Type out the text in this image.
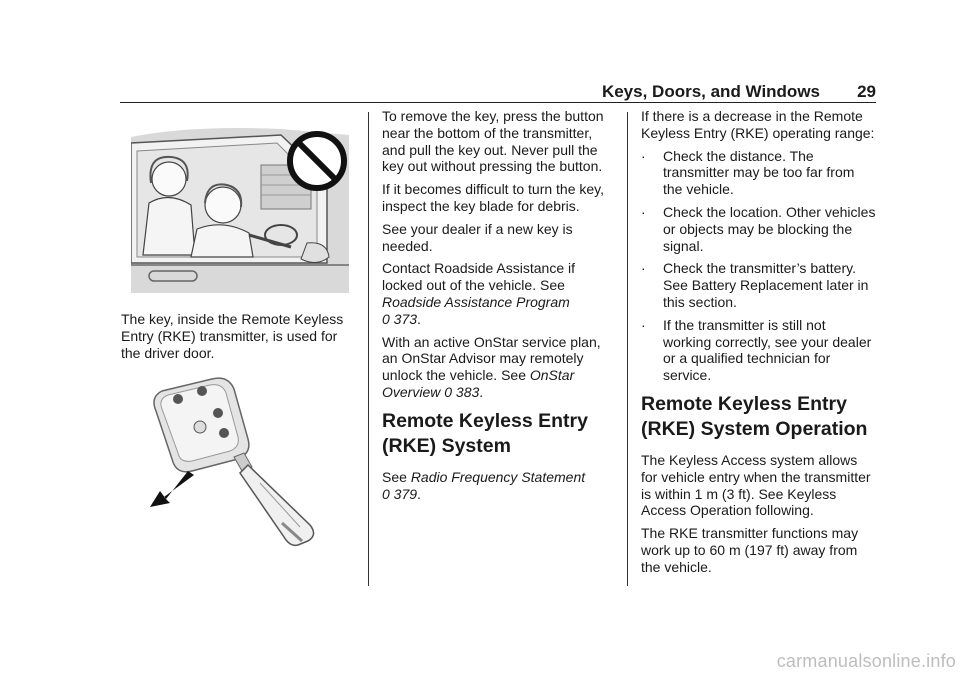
Keys, Doors, and Windows 29

The key, inside the Remote Keyless Entry (RKE) transmitter, is used for the driver door.

To remove the key, press the button near the bottom of the transmitter, and pull the key out. Never pull the key out without pressing the button.

If it becomes difficult to turn the key, inspect the key blade for debris.

See your dealer if a new key is needed.

Contact Roadside Assistance if locked out of the vehicle. See
Roadside Assistance Program
0 373.

With an active OnStar service plan, an OnStar Advisor may remotely unlock the vehicle. See OnStar Overview 0 383.

Remote Keyless Entry (RKE) System

See Radio Frequency Statement
0 379.

If there is a decrease in the Remote Keyless Entry (RKE) operating range:

· Check the distance. The transmitter may be too far from the vehicle.
· Check the location. Other vehicles or objects may be blocking the signal.
· Check the transmitter’s battery. See Battery Replacement later in this section.
· If the transmitter is still not working correctly, see your dealer or a qualified technician for service.
Remote Keyless Entry (RKE) System Operation

The Keyless Access system allows for vehicle entry when the transmitter is within 1 m (3 ft). See Keyless Access Operation following.

The RKE transmitter functions may work up to 60 m (197 ft) away from the vehicle.

carmanualsonline.info
